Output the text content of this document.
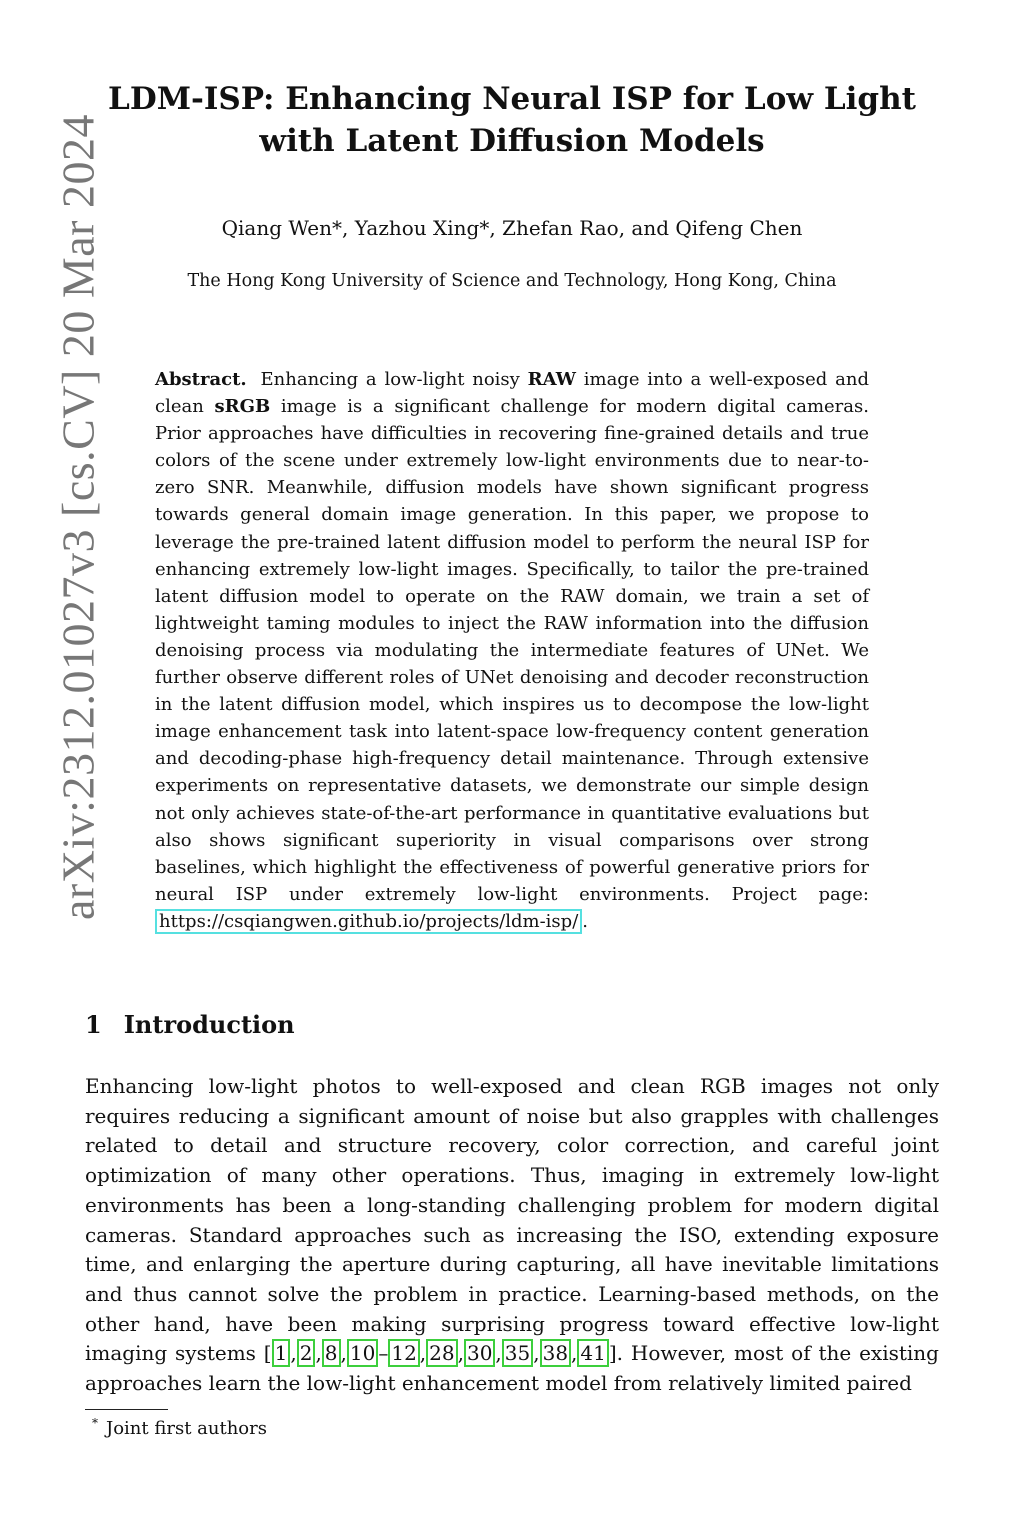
arXiv:2312.01027v3 [cs.CV] 20 Mar 2024
LDM-ISP: Enhancing Neural ISP for Low Light
with Latent Diffusion Models

Qiang Wen*, Yazhou Xing*, Zhefan Rao, and Qifeng Chen

The Hong Kong University of Science and Technology, Hong Kong, China

Abstract. Enhancing a low-light noisy RAW image into a well-exposed and clean sRGB image is a significant challenge for modern digital cameras. Prior approaches have difficulties in recovering fine-grained details and true colors of the scene under extremely low-light environments due to near-to-zero SNR. Meanwhile, diffusion models have shown significant progress towards general domain image generation. In this paper, we propose to leverage the pre-trained latent diffusion model to perform the neural ISP for enhancing extremely low-light images. Specifically, to tailor the pre-trained latent diffusion model to operate on the RAW domain, we train a set of lightweight taming modules to inject the RAW information into the diffusion denoising process via modulating the intermediate features of UNet. We further observe different roles of UNet denoising and decoder reconstruction in the latent diffusion model, which inspires us to decompose the low-light image enhancement task into latent-space low-frequency content generation and decoding-phase high-frequency detail maintenance. Through extensive experiments on representative datasets, we demonstrate our simple design not only achieves state-of-the-art performance in quantitative evaluations but also shows significant superiority in visual comparisons over strong baselines, which highlight the effectiveness of powerful generative priors for neural ISP under extremely low-light environments. Project page: https://csqiangwen.github.io/projects/ldm-isp/ .

1 Introduction

Enhancing low-light photos to well-exposed and clean RGB images not only requires reducing a significant amount of noise but also grapples with challenges related to detail and structure recovery, color correction, and careful joint optimization of many other operations. Thus, imaging in extremely low-light environments has been a long-standing challenging problem for modern digital cameras. Standard approaches such as increasing the ISO, extending exposure time, and enlarging the aperture during capturing, all have inevitable limitations and thus cannot solve the problem in practice. Learning-based methods, on the other hand, have been making surprising progress toward effective low-light imaging systems [ 1 , 2 , 8 , 10 – 12 , 28 , 30 , 35 , 38 , 41 ]. However, most of the existing approaches learn the low-light enhancement model from relatively limited paired

* Joint first authors
